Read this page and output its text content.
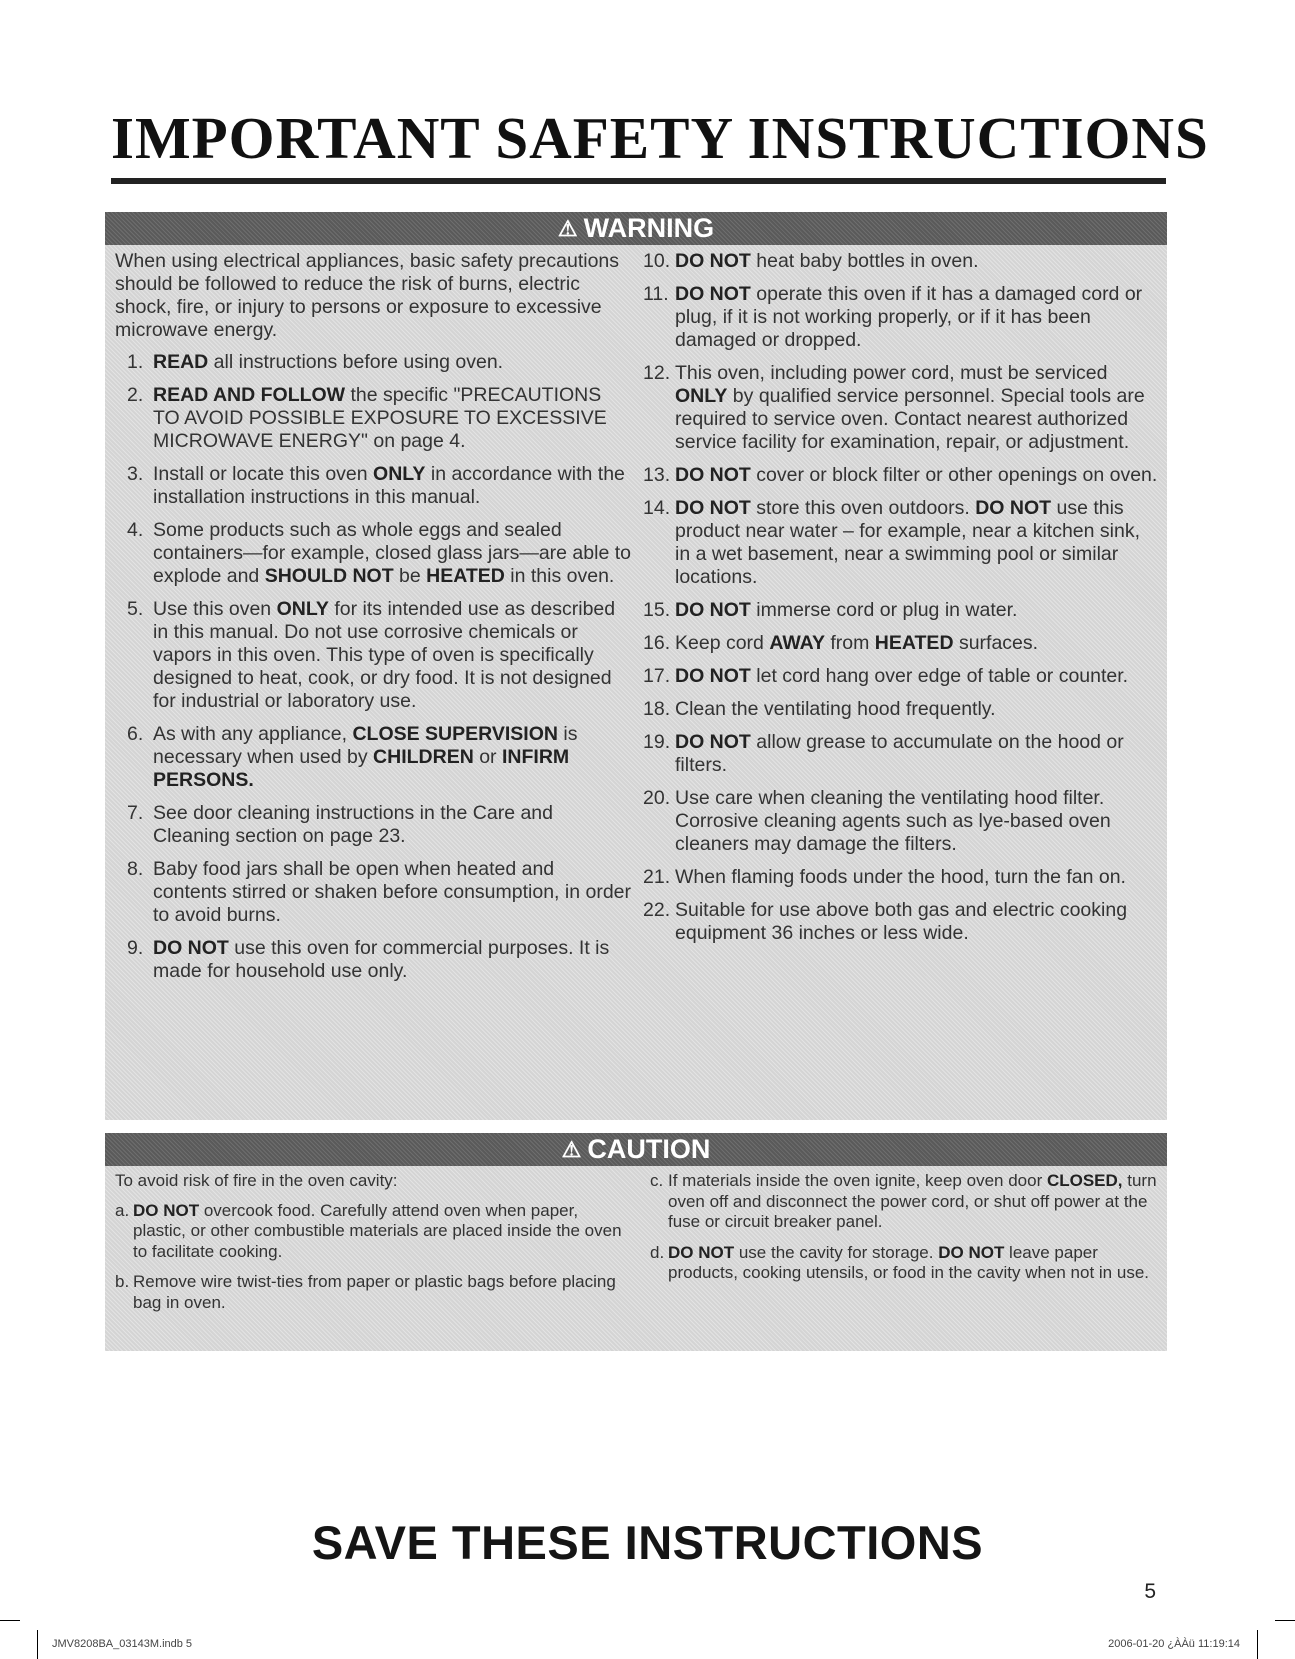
IMPORTANT SAFETY INSTRUCTIONS
⚠ WARNING

When using electrical appliances, basic safety precautions should be followed to reduce the risk of burns, electric shock, fire, or injury to persons or exposure to excessive microwave energy.

1. READ all instructions before using oven.
2. READ AND FOLLOW the specific "PRECAUTIONS TO AVOID POSSIBLE EXPOSURE TO EXCESSIVE MICROWAVE ENERGY" on page 4.
3. Install or locate this oven ONLY in accordance with the installation instructions in this manual.
4. Some products such as whole eggs and sealed containers—for example, closed glass jars—are able to explode and SHOULD NOT be HEATED in this oven.
5. Use this oven ONLY for its intended use as described in this manual. Do not use corrosive chemicals or vapors in this oven. This type of oven is specifically designed to heat, cook, or dry food. It is not designed for industrial or laboratory use.
6. As with any appliance, CLOSE SUPERVISION is necessary when used by CHILDREN or INFIRM PERSONS.
7. See door cleaning instructions in the Care and Cleaning section on page 23.
8. Baby food jars shall be open when heated and contents stirred or shaken before consumption, in order to avoid burns.
9. DO NOT use this oven for commercial purposes. It is made for household use only.
10. DO NOT heat baby bottles in oven.
11. DO NOT operate this oven if it has a damaged cord or plug, if it is not working properly, or if it has been damaged or dropped.
12. This oven, including power cord, must be serviced ONLY by qualified service personnel. Special tools are required to service oven. Contact nearest authorized service facility for examination, repair, or adjustment.
13. DO NOT cover or block filter or other openings on oven.
14. DO NOT store this oven outdoors. DO NOT use this product near water – for example, near a kitchen sink, in a wet basement, near a swimming pool or similar locations.
15. DO NOT immerse cord or plug in water.
16. Keep cord AWAY from HEATED surfaces.
17. DO NOT let cord hang over edge of table or counter.
18. Clean the ventilating hood frequently.
19. DO NOT allow grease to accumulate on the hood or filters.
20. Use care when cleaning the ventilating hood filter. Corrosive cleaning agents such as lye-based oven cleaners may damage the filters.
21. When flaming foods under the hood, turn the fan on.
22. Suitable for use above both gas and electric cooking equipment 36 inches or less wide.
⚠ CAUTION

To avoid risk of fire in the oven cavity:

a. DO NOT overcook food. Carefully attend oven when paper, plastic, or other combustible materials are placed inside the oven to facilitate cooking.
b. Remove wire twist-ties from paper or plastic bags before placing bag in oven.
c. If materials inside the oven ignite, keep oven door CLOSED, turn oven off and disconnect the power cord, or shut off power at the fuse or circuit breaker panel.
d. DO NOT use the cavity for storage. DO NOT leave paper products, cooking utensils, or food in the cavity when not in use.
SAVE THESE INSTRUCTIONS
5
JMV8208BA_03143M.indb 5	2006-01-20 ¿ÀÀü 11:19:14
